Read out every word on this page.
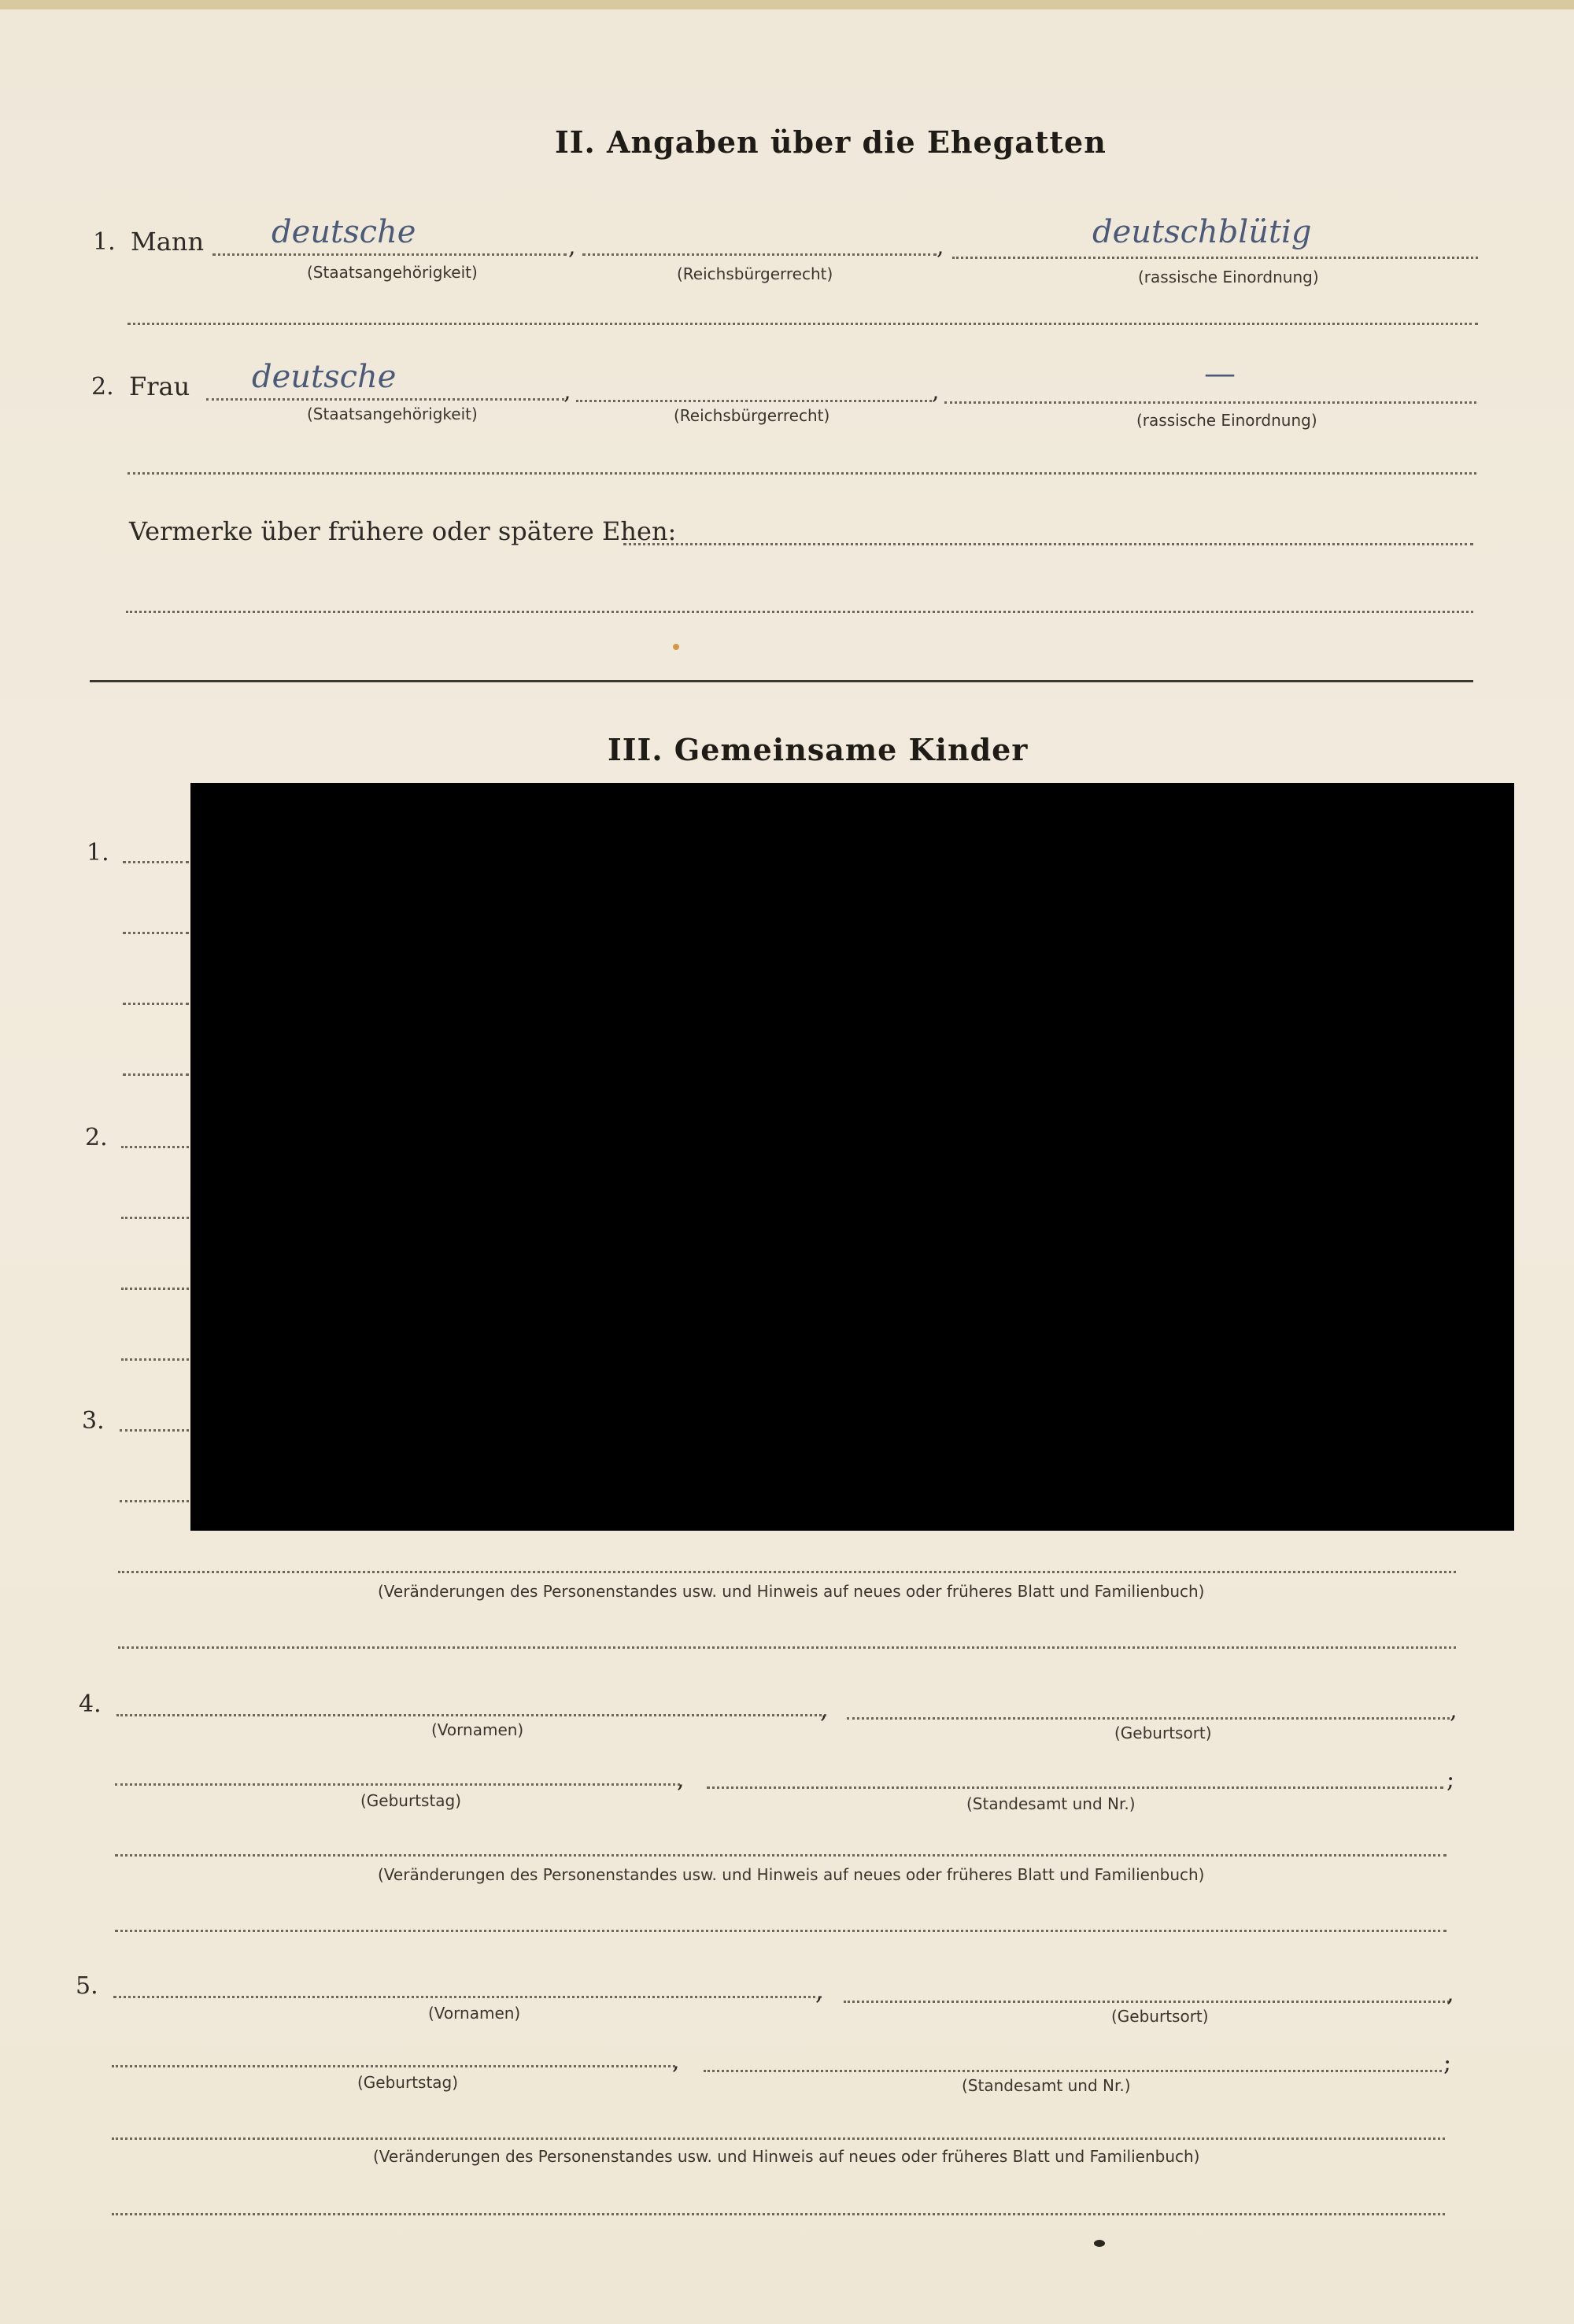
II. Angaben über die Ehegatten
1. Mann deutsche	,	,	deutschblütig
(Staatsangehörigkeit)	(Reichsbürgerrecht)	(rassische Einordnung)
2. Frau deutsche	,	,	—
(Staatsangehörigkeit)	(Reichsbürgerrecht)	(rassische Einordnung)
Vermerke über frühere oder spätere Ehen:
III. Gemeinsame Kinder
1.
2.
3.
(Veränderungen des Personenstandes usw. und Hinweis auf neues oder früheres Blatt und Familienbuch)
4.	,	,
(Vornamen)	(Geburtsort)
,	;
(Geburtstag)	(Standesamt und Nr.)
(Veränderungen des Personenstandes usw. und Hinweis auf neues oder früheres Blatt und Familienbuch)
5.	,	,
(Vornamen)	(Geburtsort)
,	;
(Geburtstag)	(Standesamt und Nr.)
(Veränderungen des Personenstandes usw. und Hinweis auf neues oder früheres Blatt und Familienbuch)
